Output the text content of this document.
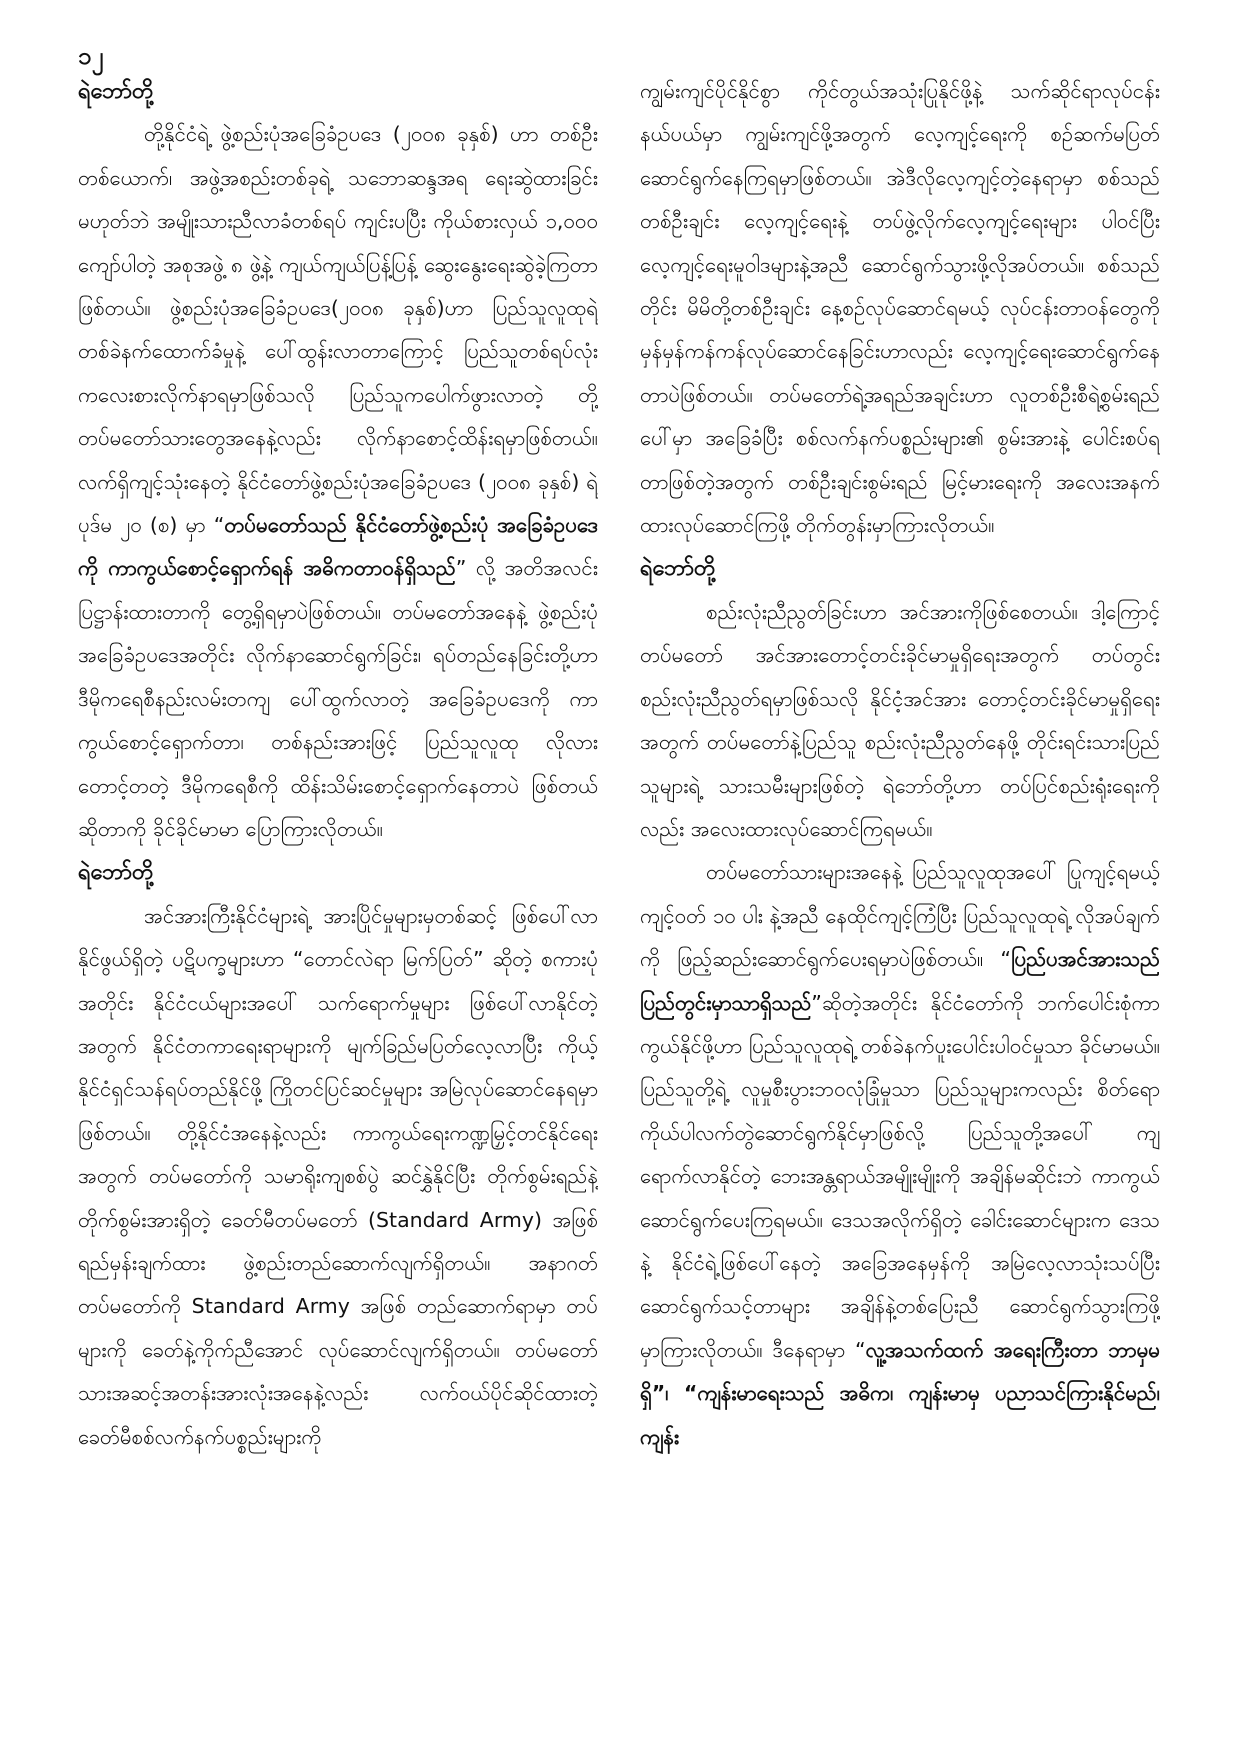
၁၂

ရဲဘော်တို့

တို့နိုင်ငံရဲ့ ဖွဲ့စည်းပုံအခြေခံဥပဒေ (၂၀၀၈ ခုနှစ်) ဟာ တစ်ဦးတစ်ယောက်၊ အဖွဲ့အစည်းတစ်ခုရဲ့ သဘောဆန္ဒအရ ရေးဆွဲထားခြင်းမဟုတ်ဘဲ အမျိုးသားညီလာခံတစ်ရပ် ကျင်းပပြီး ကိုယ်စားလှယ် ၁,၀၀၀ ကျော်ပါတဲ့ အစုအဖွဲ့ ၈ ဖွဲ့နဲ့ ကျယ်ကျယ်ပြန့်ပြန့် ဆွေးနွေးရေးဆွဲခဲ့ကြတာဖြစ်တယ်။ ဖွဲ့စည်းပုံအခြေခံဥပဒေ(၂၀၀၈ ခုနှစ်)ဟာ ပြည်သူလူထုရဲ့ တစ်ခဲနက်ထောက်ခံမှုနဲ့ ပေါ်ထွန်းလာတာကြောင့် ပြည်သူတစ်ရပ်လုံး ကလေးစားလိုက်နာရမှာဖြစ်သလို ပြည်သူကပေါက်ဖွားလာတဲ့ တို့တပ်မတော်သားတွေအနေနဲ့လည်း လိုက်နာစောင့်ထိန်းရမှာဖြစ်တယ်။ လက်ရှိကျင့်သုံးနေတဲ့ နိုင်ငံတော်ဖွဲ့စည်းပုံအခြေခံဥပဒေ (၂၀၀၈ ခုနှစ်) ရဲ့ ပုဒ်မ ၂၀ (စ) မှာ “တပ်မတော်သည် နိုင်ငံတော်ဖွဲ့စည်းပုံ အခြေခံဥပဒေကို ကာကွယ်စောင့်ရှောက်ရန် အဓိကတာဝန်ရှိသည်” လို့ အတိအလင်းပြဋ္ဌာန်းထားတာကို တွေ့ရှိရမှာပဲဖြစ်တယ်။ တပ်မတော်အနေနဲ့ ဖွဲ့စည်းပုံအခြေခံဥပဒေအတိုင်း လိုက်နာဆောင်ရွက်ခြင်း၊ ရပ်တည်နေခြင်းတို့ဟာ ဒီမိုကရေစီနည်းလမ်းတကျ ပေါ်ထွက်လာတဲ့ အခြေခံဥပဒေကို ကာကွယ်စောင့်ရှောက်တာ၊ တစ်နည်းအားဖြင့် ပြည်သူလူထု လိုလားတောင့်တတဲ့ ဒီမိုကရေစီကို ထိန်းသိမ်းစောင့်ရှောက်နေတာပဲ ဖြစ်တယ်ဆိုတာကို ခိုင်ခိုင်မာမာ ပြောကြားလိုတယ်။

ရဲဘော်တို့

အင်အားကြီးနိုင်ငံများရဲ့ အားပြိုင်မှုများမှတစ်ဆင့် ဖြစ်ပေါ်လာနိုင်ဖွယ်ရှိတဲ့ ပဋိပက္ခများဟာ “တောင်လဲရာ မြက်ပြတ်” ဆိုတဲ့ စကားပုံအတိုင်း နိုင်ငံငယ်များအပေါ် သက်ရောက်မှုများ ဖြစ်ပေါ်လာနိုင်တဲ့အတွက် နိုင်ငံတကာရေးရာများကို မျက်ခြည်မပြတ်လေ့လာပြီး ကိုယ့်နိုင်ငံရှင်သန်ရပ်တည်နိုင်ဖို့ ကြိုတင်ပြင်ဆင်မှုများ အမြဲလုပ်ဆောင်နေရမှာဖြစ်တယ်။ တို့နိုင်ငံအနေနဲ့လည်း ကာကွယ်ရေးကဏ္ဍမြှင့်တင်နိုင်ရေးအတွက် တပ်မတော်ကို သမာရိုးကျစစ်ပွဲ ဆင်နွှဲနိုင်ပြီး တိုက်စွမ်းရည်နဲ့ တိုက်စွမ်းအားရှိတဲ့ ခေတ်မီတပ်မတော် (Standard Army) အဖြစ် ရည်မှန်းချက်ထား ဖွဲ့စည်းတည်ဆောက်လျက်ရှိတယ်။ အနာဂတ်တပ်မတော်ကို Standard Army အဖြစ် တည်ဆောက်ရာမှာ တပ်များကို ခေတ်နဲ့ကိုက်ညီအောင် လုပ်ဆောင်လျက်ရှိတယ်။ တပ်မတော်သားအဆင့်အတန်းအားလုံးအနေနဲ့လည်း လက်ဝယ်ပိုင်ဆိုင်ထားတဲ့ ခေတ်မီစစ်လက်နက်ပစ္စည်းများကို

ကျွမ်းကျင်ပိုင်နိုင်စွာ ကိုင်တွယ်အသုံးပြုနိုင်ဖို့နဲ့ သက်ဆိုင်ရာလုပ်ငန်းနယ်ပယ်မှာ ကျွမ်းကျင်ဖို့အတွက် လေ့ကျင့်ရေးကို စဉ်ဆက်မပြတ် ဆောင်ရွက်နေကြရမှာဖြစ်တယ်။ အဲဒီလိုလေ့ကျင့်တဲ့နေရာမှာ စစ်သည်တစ်ဦးချင်း လေ့ကျင့်ရေးနဲ့ တပ်ဖွဲ့လိုက်လေ့ကျင့်ရေးများ ပါဝင်ပြီး လေ့ကျင့်ရေးမူဝါဒများနဲ့အညီ ဆောင်ရွက်သွားဖို့လိုအပ်တယ်။ စစ်သည်တိုင်း မိမိတို့တစ်ဦးချင်း နေ့စဉ်လုပ်ဆောင်ရမယ့် လုပ်ငန်းတာဝန်တွေကို မှန်မှန်ကန်ကန်လုပ်ဆောင်နေခြင်းဟာလည်း လေ့ကျင့်ရေးဆောင်ရွက်နေတာပဲဖြစ်တယ်။ တပ်မတော်ရဲ့အရည်အချင်းဟာ လူတစ်ဦးစီရဲ့စွမ်းရည်ပေါ်မှာ အခြေခံပြီး စစ်လက်နက်ပစ္စည်းများ၏ စွမ်းအားနဲ့ ပေါင်းစပ်ရတာဖြစ်တဲ့အတွက် တစ်ဦးချင်းစွမ်းရည် မြင့်မားရေးကို အလေးအနက်ထားလုပ်ဆောင်ကြဖို့ တိုက်တွန်းမှာကြားလိုတယ်။

ရဲဘော်တို့

စည်းလုံးညီညွတ်ခြင်းဟာ အင်အားကိုဖြစ်စေတယ်။ ဒါ့ကြောင့် တပ်မတော် အင်အားတောင့်တင်းခိုင်မာမှုရှိရေးအတွက် တပ်တွင်းစည်းလုံးညီညွတ်ရမှာဖြစ်သလို နိုင်ငံ့အင်အား တောင့်တင်းခိုင်မာမှုရှိရေးအတွက် တပ်မတော်နဲ့ပြည်သူ စည်းလုံးညီညွတ်နေဖို့ တိုင်းရင်းသားပြည်သူများရဲ့ သားသမီးများဖြစ်တဲ့ ရဲဘော်တို့ဟာ တပ်ပြင်စည်းရုံးရေးကိုလည်း အလေးထားလုပ်ဆောင်ကြရမယ်။

တပ်မတော်သားများအနေနဲ့ ပြည်သူလူထုအပေါ် ပြုကျင့်ရမယ့်ကျင့်ဝတ် ၁၀ ပါး နဲ့အညီ နေထိုင်ကျင့်ကြံပြီး ပြည်သူလူထုရဲ့ လိုအပ်ချက်ကို ဖြည့်ဆည်းဆောင်ရွက်ပေးရမှာပဲဖြစ်တယ်။ “ပြည်ပအင်အားသည် ပြည်တွင်းမှာသာရှိသည်”ဆိုတဲ့အတိုင်း နိုင်ငံတော်ကို ဘက်ပေါင်းစုံကာကွယ်နိုင်ဖို့ဟာ ပြည်သူလူထုရဲ့ တစ်ခဲနက်ပူးပေါင်းပါဝင်မှုသာ ခိုင်မာမယ်။ ပြည်သူတို့ရဲ့ လူမှုစီးပွားဘဝလုံခြုံမှုသာ ပြည်သူများကလည်း စိတ်ရောကိုယ်ပါလက်တွဲဆောင်ရွက်နိုင်မှာဖြစ်လို့ ပြည်သူတို့အပေါ် ကျရောက်လာနိုင်တဲ့ ဘေးအန္တရာယ်အမျိုးမျိုးကို အချိန်မဆိုင်းဘဲ ကာကွယ်ဆောင်ရွက်ပေးကြရမယ်။ ဒေသအလိုက်ရှိတဲ့ ခေါင်းဆောင်များက ဒေသနဲ့ နိုင်ငံရဲ့ဖြစ်ပေါ်နေတဲ့ အခြေအနေမှန်ကို အမြဲလေ့လာသုံးသပ်ပြီး ဆောင်ရွက်သင့်တာများ အချိန်နဲ့တစ်ပြေးညီ ဆောင်ရွက်သွားကြဖို့ မှာကြားလိုတယ်။ ဒီနေရာမှာ “လူ့အသက်ထက် အရေးကြီးတာ ဘာမှမရှိ”၊ “ကျန်းမာရေးသည် အဓိက၊ ကျန်းမာမှ ပညာသင်ကြားနိုင်မည်၊ ကျန်း
